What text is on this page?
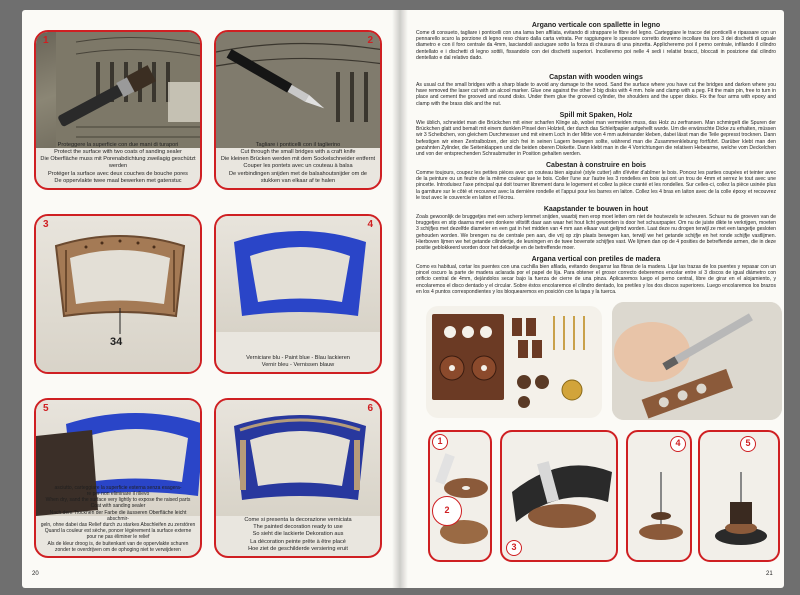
1
Proteggere la superficie con due mani di turapori
Protect the surface with two coats of sanding sealer
Die Oberfläche muss mit Porenabdichtung zweilagig geschützt werden
Protéger la surface avec deux couches de bouche pores
De oppervlakte twee maal bewerken met gatenstuc
2
Tagliare i ponticelli con il taglierino
Cut through the small bridges with a craft knife
Die kleinen Brücken werden mit dem Sockelschneider entfernt
Couper les pontets avec un couteau à balsa
De verbindingen snijden met de balsahoutsnijder om de stukken van elkaar af te halen
3
34
4
Verniciare blu - Paint blue - Blau lackieren
Vernir bleu - Vernissen blauw
5
asciutto, carteggiare la superficie esterna senza esagera-
re per non eliminare il rilievo
When dry, sand the surface very lightly to expose the raised parts
Coat with sanding sealer
Nach dem Trocknen der Farbe die äusseren Oberfläche leicht abschmir-
geln, ohne dabei das Relief durch zu starkes Abschleifen zu zerstören
Quand la couleur est sèche, poncer légèrement la surface externe
pour ne pas éliminer le relief
Als de kleur droog is, de buitenkant van de oppervlakte schuren
zonder te overdrijven om de ophoging niet te verwijderen
6
Come si presenta la decorazione verniciata
The painted decoration ready to use
So sieht die lackierte Dekoration aus
La décoration peinte prête à être placé
Hoe ziet de geschilderde versiering eruit
20
Argano verticale con spallette in legno

Come di consueto, tagliare i ponticelli con una lama ben affilata, evitando di strappare le fibre del legno. Carteggiare le tracce dei ponticelli e ripassare con un pennarello scuro la porzione di legno reso chiaro dalla carta vetrata. Per raggiungere lo spessore corretto dovremo incollare tra loro 3 dei dischetti di uguale diametro e con il foro centrale da 4mm, lasciandoli asciugare sotto la forza di chiusura di una pinzetta. Applicheremo poi il perno centrale, infilando il cilindro dentellato e i dischetti di legno sottili, fissandolo con dei dischetti superiori. Incolleremo poi nelle 4 sedi i relativi bracci, bloccati in posizione dal cilindro dentellato e dal relativo dado.

Capstan with wooden wings

As usual cut the small bridges with a sharp blade to avoid any damage to the wood. Sand the surface where you have cut the bridges and darken where you have removed the laser cut with an alcool marker. Glue one against the other 3 big disks with 4 mm. hole and clamp with a peg. Fit the main pin, free to turn in place and cement the grooved and round disks. Under them glue the grooved cylinder, the shoulders and the upper disks. Fix the four arms with epoxy and clamp with the brass disk and the nut.

Spill mit Spaken, Holz

Wie üblich, schneidet man die Brückchen mit einer scharfen Klinge ab, wobei man vermeiden muss, das Holz zu zerfransen. Man schmirgelt die Spuren der Brückchen glatt und bemalt mit einem dunklen Pinsel den Holzteil, der durch das Schleifpapier aufgehellt wurde. Um die erwünschte Dicke zu erhalten, müssen wir 3 Scheibchen, von gleichem Durchmesser und mit einem Loch in der Mitte von 4 mm aufeinander kleben, dabei lässt man die Teile gepresst trocknen. Dann befestigen wir einen Zentralbolzen, der sich frei in seinen Lagern bewegen sollte, während man die Zusammenklebung fortführt. Darüber klebt man den gezahnten Zylinder, die Seitenklappen und die beiden oberen Diskette. Dann klebt man in die 4 Vorrichtungen die relativen Hebearme, welche vom Deckelchen und von der entsprechenden Schraubmutter in Position gehalten werden.

Cabestan à construire en bois

Comme toujours, coupez les petites pièces avec un couteau bien aiguisé (style cutter) afin d'éviter d'abîmer le bois. Poncez les parties coupées et teinter avec de la peinture ou un feutre de la même couleur que le bois. Coller l'une sur l'autre les 3 rondelles en bois qui ont un trou de 4mm et serrez le tout avec une pincette. Introduisez l'axe principal qui doit tourner librement dans le logement et collez la pièce cranté et les rondelles. Sur celles-ci, collez la pièce usinée plus la garniture sur le côté et recouvrez avec la dernière rondelle et l'appui pour les barres en laiton. Collez les 4 bras en laiton avec de la colle époxy et recouvrez le tout avec le couvercle en laiton et l'écrou.

Kaapstander te bouwen in hout

Zoals gewoonlijk de bruggetjes met een scherp lemmet snijden, waarbij men erop moet letten om niet de houtvezels te scheuren. Schuur nu de groeven van de bruggetjes en stip daarna met een donkere viltstift daar aan waar het hout licht geworden is door het schuurpapier. Om nu de juiste dikte te verkrijgen, moeten 3 schijfjes met dezelfde diameter en een gat in het midden van 4 mm aan elkaar vast gelijmd worden. Laat deze nu drogen terwijl ze met een tangetje gesloten gehouden worden. We brengen nu de centrale pen aan, die vrij op zijn plaats bewegen kan, terwijl we het getande schijfje en het ronde schijfje vastlijmen. Hierboven lijmen we het getande cilindertje, de leuningen en de twee bovenste schijfjes vast. We lijmen dan op de 4 posities de betreffende armen, die in deze positie geblokkeerd worden door het dekseltje en de betreffende moer.

Argana vertical con pretiles de madera

Como es habitual, cortar los puentes con una cuchilla bien afilada, evitando desgarrar las fibras de la madera. Lijar las trazas de los puentes y repasar con un pincel oscuro la parte de madera aclarada por el papel de lija. Para obtener el grosor correcto deberemos encolar entre sí 3 discos de igual diámetro con orificio central de 4mm, dejándolos secar bajo la fuerza de cierre de una pinza. Aplicaremos luego el perno central, libre de girar en el alojamiento, y encolaremos el disco dentado y el circular. Sobre éstos encolaremos el cilindro dentado, los pretiles y los dos discos superiores. Luego encolaremos los brazos en los 4 puntos correspondientes y los bloquearemos en posición con la tapa y la tuerca.

1
2
3
4	5
21
